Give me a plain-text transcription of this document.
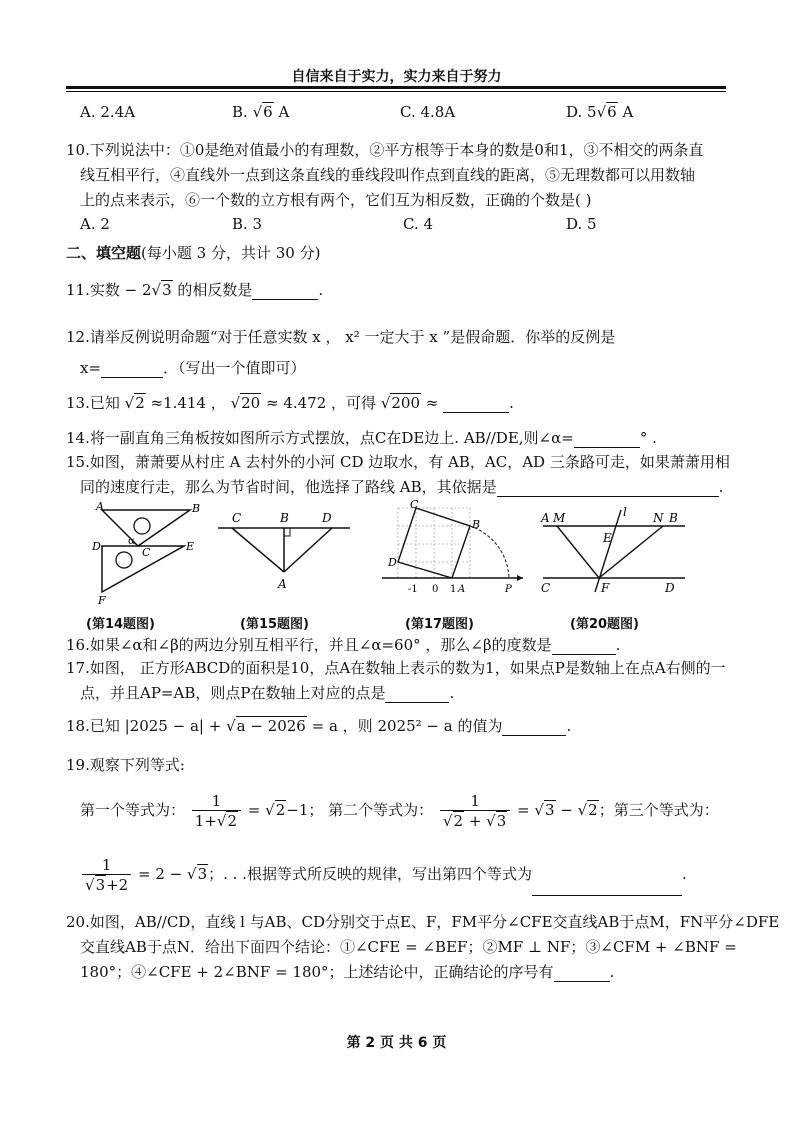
自信来自于实力，实力来自于努力
A. 2.4A	B. √6 A	C. 4.8A	D. 5√6 A
10.下列说法中：①0是绝对值最小的有理数，②平方根等于本身的数是0和1，③不相交的两条直
线互相平行，④直线外一点到这条直线的垂线段叫作点到直线的距离，⑤无理数都可以用数轴
上的点来表示，⑥一个数的立方根有两个，它们互为相反数，正确的个数是( )
A. 2	B. 3	C. 4	D. 5
二、填空题(每小题 3 分，共计 30 分)
11.实数 − 2√3 的相反数是	.
12.请举反例说明命题“对于任意实数 x ， x² 一定大于 x ”是假命题．你举的反例是
x=	．（写出一个值即可）
13.已知 √2 ≈1.414 ， √20 ≈ 4.472 ，可得 √200 ≈	.
14.将一副直角三角板按如图所示方式摆放，点C在DE边上. AB//DE,则∠α=	° .
15.如图，萧萧要从村庄 A 去村外的小河 CD 边取水，有 AB，AC，AD 三条路可走，如果萧萧用相
同的速度行走，那么为节省时间，他选择了路线 AB，其依据是	.
A	B
D	C	E
F
α
(第14题图)
C	B	D
A
(第15题图)
C
B
D
-1 0 1 A	P
(第17题图)
A M	l N B
E
C	F	D
(第20题图)
16.如果∠α和∠β的两边分别互相平行，并且∠α=60° ，那么∠β的度数是	.
17.如图， 正方形ABCD的面积是10，点A在数轴上表示的数为1，如果点P是数轴上在点A右侧的一
点，并且AP=AB，则点P在数轴上对应的点是	.
18.已知 |2025 − a| + √a − 2026 = a ，则 2025² − a 的值为	.
19.观察下列等式:
第一个等式为： $\frac{1}{1+√2} = √2-1$； 第二个等式为： $\frac{1}{√2 + √3} = √3 - √2$；第三个等式为：
$\frac{1}{√3+2} = 2 - √3$；. . .根据等式所反映的规律，写出第四个等式为	.
20.如图，AB//CD，直线 l 与AB、CD分别交于点E、F，FM平分∠CFE交直线AB于点M，FN平分∠DFE
交直线AB于点N．给出下面四个结论：①∠CFE = ∠BEF；②MF ⊥ NF；③∠CFM + ∠BNF =
180°；④∠CFE + 2∠BNF = 180°；上述结论中，正确结论的序号有	.
第 2 页 共 6 页
